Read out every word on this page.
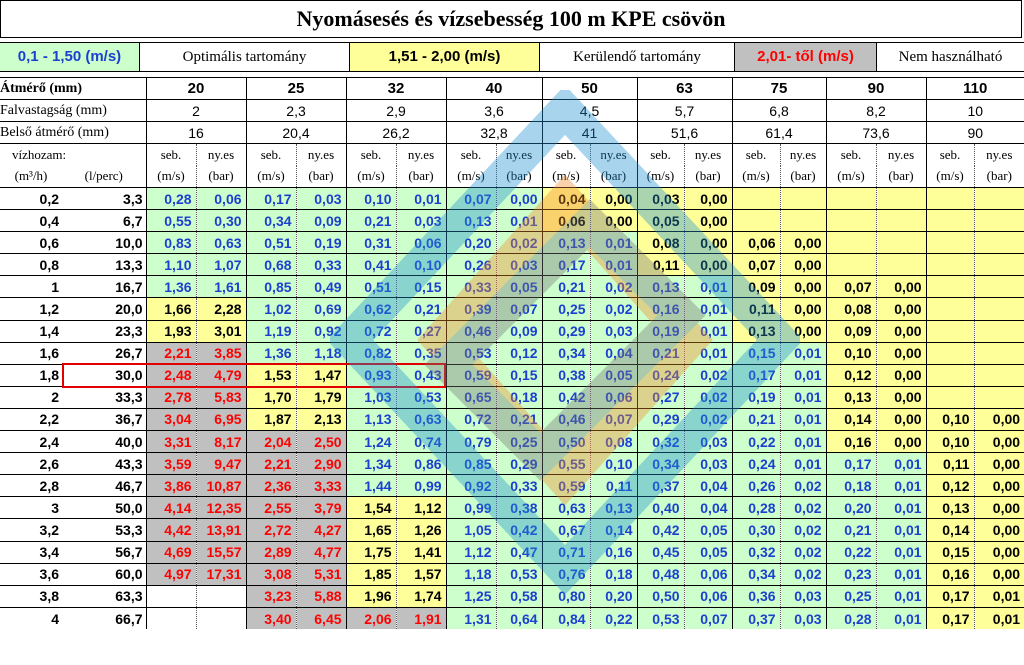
Nyomásesés és vízsebesség 100 m KPE csövön
0,1 - 1,50 (m/s)	Optimális tartomány	1,51 - 2,00 (m/s)	Kerülendő tartomány	2,01- től (m/s)	Nem használható
Átmérő (mm)		20		25		32		40		50		63		75		90		110	
Falvastagság (mm)		2		2,3		2,9		3,6		4,5		5,7		6,8		8,2		10	
Belső átmérő (mm)		16		20,4		26,2		32,8		41		51,6		61,4		73,6		90	
vízhozam:		seb.	ny.es	seb.	ny.es	seb.	ny.es	seb.	ny.es	seb.	ny.es	seb.	ny.es	seb.	ny.es	seb.	ny.es	seb.	ny.es
(m³/h)	(l/perc)	(m/s)	(bar)	(m/s)	(bar)	(m/s)	(bar)	(m/s)	(bar)	(m/s)	(bar)	(m/s)	(bar)	(m/s)	(bar)	(m/s)	(bar)	(m/s)	(bar)
0,2	3,3	0,28	0,06	0,17	0,03	0,10	0,01	0,07	0,00	0,04	0,00	0,03	0,00						
0,4	6,7	0,55	0,30	0,34	0,09	0,21	0,03	0,13	0,01	0,06	0,00	0,05	0,00						
0,6	10,0	0,83	0,63	0,51	0,19	0,31	0,06	0,20	0,02	0,13	0,01	0,08	0,00	0,06	0,00				
0,8	13,3	1,10	1,07	0,68	0,33	0,41	0,10	0,26	0,03	0,17	0,01	0,11	0,00	0,07	0,00				
1	16,7	1,36	1,61	0,85	0,49	0,51	0,15	0,33	0,05	0,21	0,02	0,13	0,01	0,09	0,00	0,07	0,00		
1,2	20,0	1,66	2,28	1,02	0,69	0,62	0,21	0,39	0,07	0,25	0,02	0,16	0,01	0,11	0,00	0,08	0,00		
1,4	23,3	1,93	3,01	1,19	0,92	0,72	0,27	0,46	0,09	0,29	0,03	0,19	0,01	0,13	0,00	0,09	0,00		
1,6	26,7	2,21	3,85	1,36	1,18	0,82	0,35	0,53	0,12	0,34	0,04	0,21	0,01	0,15	0,01	0,10	0,00		
1,8	30,0	2,48	4,79	1,53	1,47	0,93	0,43	0,59	0,15	0,38	0,05	0,24	0,02	0,17	0,01	0,12	0,00		
2	33,3	2,78	5,83	1,70	1,79	1,03	0,53	0,65	0,18	0,42	0,06	0,27	0,02	0,19	0,01	0,13	0,00		
2,2	36,7	3,04	6,95	1,87	2,13	1,13	0,63	0,72	0,21	0,46	0,07	0,29	0,02	0,21	0,01	0,14	0,00	0,10	0,00
2,4	40,0	3,31	8,17	2,04	2,50	1,24	0,74	0,79	0,25	0,50	0,08	0,32	0,03	0,22	0,01	0,16	0,00	0,10	0,00
2,6	43,3	3,59	9,47	2,21	2,90	1,34	0,86	0,85	0,29	0,55	0,10	0,34	0,03	0,24	0,01	0,17	0,01	0,11	0,00
2,8	46,7	3,86	10,87	2,36	3,33	1,44	0,99	0,92	0,33	0,59	0,11	0,37	0,04	0,26	0,02	0,18	0,01	0,12	0,00
3	50,0	4,14	12,35	2,55	3,79	1,54	1,12	0,99	0,38	0,63	0,13	0,40	0,04	0,28	0,02	0,20	0,01	0,13	0,00
3,2	53,3	4,42	13,91	2,72	4,27	1,65	1,26	1,05	0,42	0,67	0,14	0,42	0,05	0,30	0,02	0,21	0,01	0,14	0,00
3,4	56,7	4,69	15,57	2,89	4,77	1,75	1,41	1,12	0,47	0,71	0,16	0,45	0,05	0,32	0,02	0,22	0,01	0,15	0,00
3,6	60,0	4,97	17,31	3,08	5,31	1,85	1,57	1,18	0,53	0,76	0,18	0,48	0,06	0,34	0,02	0,23	0,01	0,16	0,00
3,8	63,3			3,23	5,88	1,96	1,74	1,25	0,58	0,80	0,20	0,50	0,06	0,36	0,03	0,25	0,01	0,17	0,01
4	66,7			3,40	6,45	2,06	1,91	1,31	0,64	0,84	0,22	0,53	0,07	0,37	0,03	0,28	0,01	0,17	0,01
